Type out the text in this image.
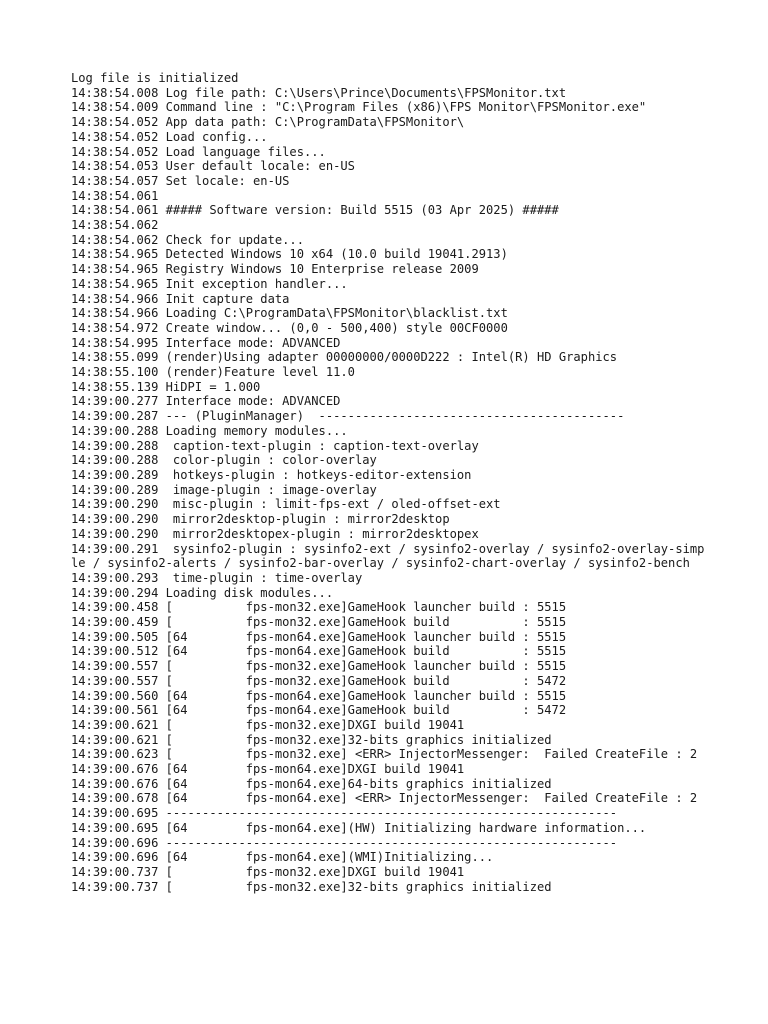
Log file is initialized
14:38:54.008 Log file path: C:\Users\Prince\Documents\FPSMonitor.txt
14:38:54.009 Command line : "C:\Program Files (x86)\FPS Monitor\FPSMonitor.exe"
14:38:54.052 App data path: C:\ProgramData\FPSMonitor\
14:38:54.052 Load config...
14:38:54.052 Load language files...
14:38:54.053 User default locale: en-US
14:38:54.057 Set locale: en-US
14:38:54.061
14:38:54.061 ##### Software version: Build 5515 (03 Apr 2025) #####
14:38:54.062
14:38:54.062 Check for update...
14:38:54.965 Detected Windows 10 x64 (10.0 build 19041.2913)
14:38:54.965 Registry Windows 10 Enterprise release 2009
14:38:54.965 Init exception handler...
14:38:54.966 Init capture data
14:38:54.966 Loading C:\ProgramData\FPSMonitor\blacklist.txt
14:38:54.972 Create window... (0,0 - 500,400) style 00CF0000
14:38:54.995 Interface mode: ADVANCED
14:38:55.099 (render)Using adapter 00000000/0000D222 : Intel(R) HD Graphics
14:38:55.100 (render)Feature level 11.0
14:38:55.139 HiDPI = 1.000
14:39:00.277 Interface mode: ADVANCED
14:39:00.287 --- (PluginManager)  ------------------------------------------
14:39:00.288 Loading memory modules...
14:39:00.288  caption-text-plugin : caption-text-overlay
14:39:00.288  color-plugin : color-overlay
14:39:00.289  hotkeys-plugin : hotkeys-editor-extension
14:39:00.289  image-plugin : image-overlay
14:39:00.290  misc-plugin : limit-fps-ext / oled-offset-ext
14:39:00.290  mirror2desktop-plugin : mirror2desktop
14:39:00.290  mirror2desktopex-plugin : mirror2desktopex
14:39:00.291  sysinfo2-plugin : sysinfo2-ext / sysinfo2-overlay / sysinfo2-overlay-simple / sysinfo2-alerts / sysinfo2-bar-overlay / sysinfo2-chart-overlay / sysinfo2-bench
14:39:00.293  time-plugin : time-overlay
14:39:00.294 Loading disk modules...
14:39:00.458 [          fps-mon32.exe]GameHook launcher build : 5515
14:39:00.459 [          fps-mon32.exe]GameHook build          : 5515
14:39:00.505 [64        fps-mon64.exe]GameHook launcher build : 5515
14:39:00.512 [64        fps-mon64.exe]GameHook build          : 5515
14:39:00.557 [          fps-mon32.exe]GameHook launcher build : 5515
14:39:00.557 [          fps-mon32.exe]GameHook build          : 5472
14:39:00.560 [64        fps-mon64.exe]GameHook launcher build : 5515
14:39:00.561 [64        fps-mon64.exe]GameHook build          : 5472
14:39:00.621 [          fps-mon32.exe]DXGI build 19041
14:39:00.621 [          fps-mon32.exe]32-bits graphics initialized
14:39:00.623 [          fps-mon32.exe] <ERR> InjectorMessenger:  Failed CreateFile : 2
14:39:00.676 [64        fps-mon64.exe]DXGI build 19041
14:39:00.676 [64        fps-mon64.exe]64-bits graphics initialized
14:39:00.678 [64        fps-mon64.exe] <ERR> InjectorMessenger:  Failed CreateFile : 2
14:39:00.695 --------------------------------------------------------------
14:39:00.695 [64        fps-mon64.exe](HW) Initializing hardware information...
14:39:00.696 --------------------------------------------------------------
14:39:00.696 [64        fps-mon64.exe](WMI)Initializing...
14:39:00.737 [          fps-mon32.exe]DXGI build 19041
14:39:00.737 [          fps-mon32.exe]32-bits graphics initialized
